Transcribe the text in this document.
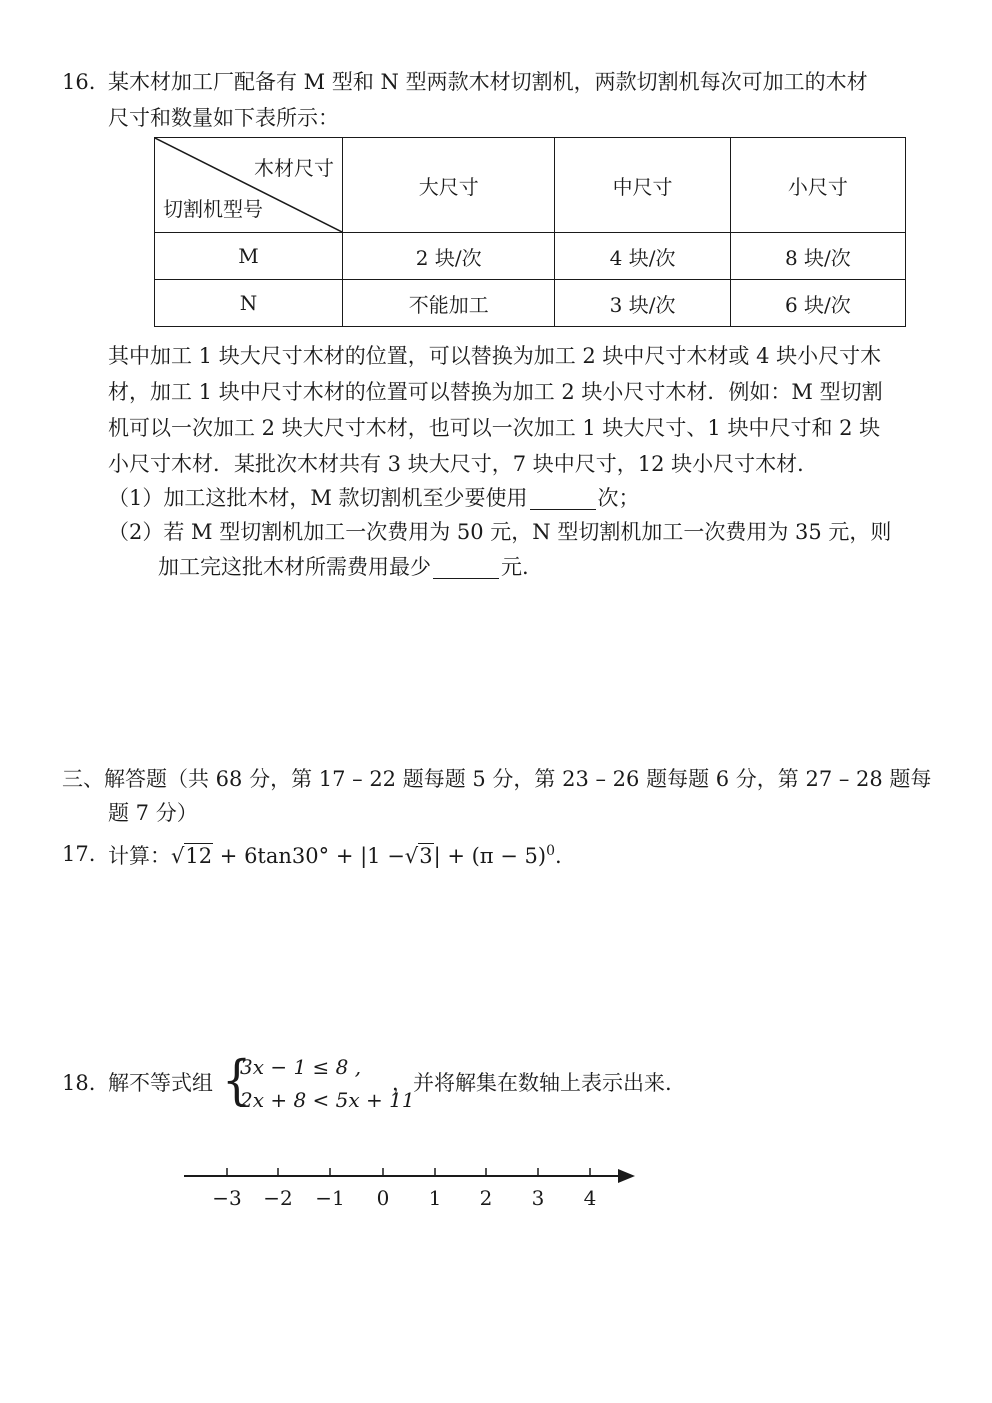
16. 某木材加工厂配备有 M 型和 N 型两款木材切割机，两款切割机每次可加工的木材
尺寸和数量如下表所示：
木材尺寸
切割机型号	大尺寸	中尺寸	小尺寸
M	2 块/次	4 块/次	8 块/次
N	不能加工	3 块/次	6 块/次
其中加工 1 块大尺寸木材的位置，可以替换为加工 2 块中尺寸木材或 4 块小尺寸木
材，加工 1 块中尺寸木材的位置可以替换为加工 2 块小尺寸木材．例如：M 型切割
机可以一次加工 2 块大尺寸木材，也可以一次加工 1 块大尺寸、1 块中尺寸和 2 块
小尺寸木材．某批次木材共有 3 块大尺寸，7 块中尺寸，12 块小尺寸木材．
（1）加工这批木材，M 款切割机至少要使用	次；
（2）若 M 型切割机加工一次费用为 50 元，N 型切割机加工一次费用为 35 元，则
加工完这批木材所需费用最少	元.
三、解答题（共 68 分，第 17 – 22 题每题 5 分，第 23 – 26 题每题 6 分，第 27 – 28 题每
题 7 分）
17. 计算：$√12 + 6\tan 30^\circ + |1 -√3| + (\pi - 5)^0$.
18. 解不等式组 {
3x − 1 ≤ 8 ,
2x + 8 < 5x + 11
，并将解集在数轴上表示出来.
−3 −2 −1 0 1 2 3 4
